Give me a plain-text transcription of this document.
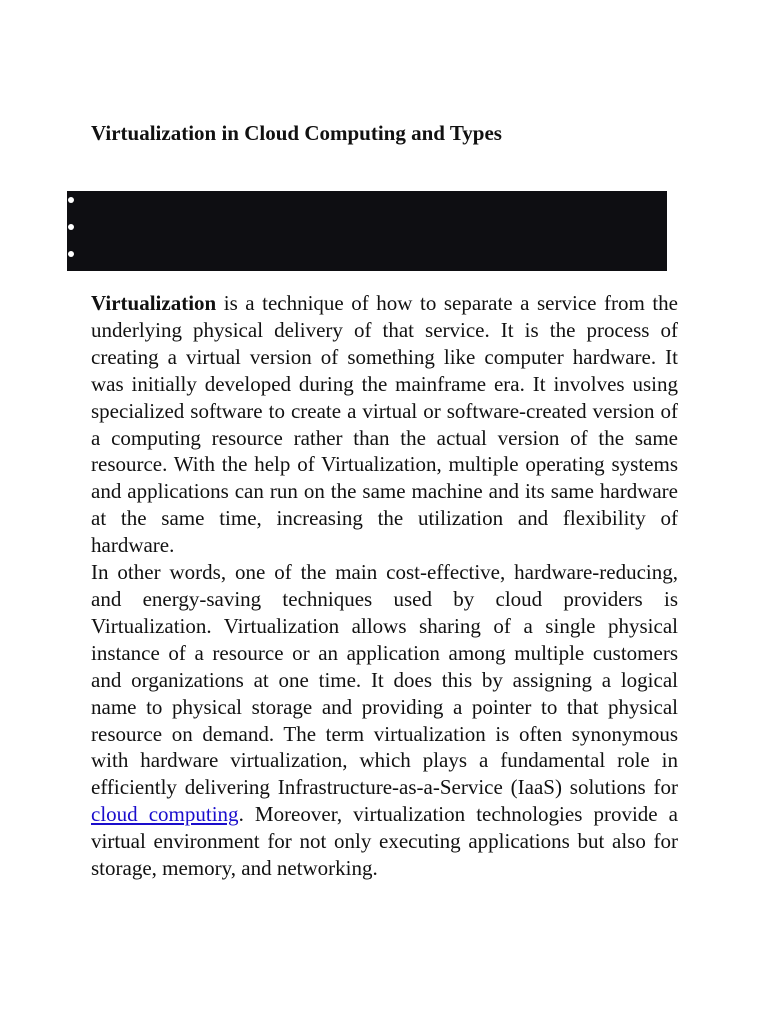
Virtualization in Cloud Computing and Types

Virtualization is a technique of how to separate a service from the underlying physical delivery of that service. It is the process of creating a virtual version of something like computer hardware. It was initially developed during the mainframe era. It involves using specialized software to create a virtual or software-created version of a computing resource rather than the actual version of the same resource. With the help of Virtualization, multiple operating systems and applications can run on the same machine and its same hardware at the same time, increasing the utilization and flexibility of hardware.

In other words, one of the main cost-effective, hardware-reducing, and energy-saving techniques used by cloud providers is Virtualization. Virtualization allows sharing of a single physical instance of a resource or an application among multiple customers and organizations at one time. It does this by assigning a logical name to physical storage and providing a pointer to that physical resource on demand. The term virtualization is often synonymous with hardware virtualization, which plays a fundamental role in efficiently delivering Infrastructure-as-a-Service (IaaS) solutions for cloud computing. Moreover, virtualization technologies provide a virtual environment for not only executing applications but also for storage, memory, and networking.
